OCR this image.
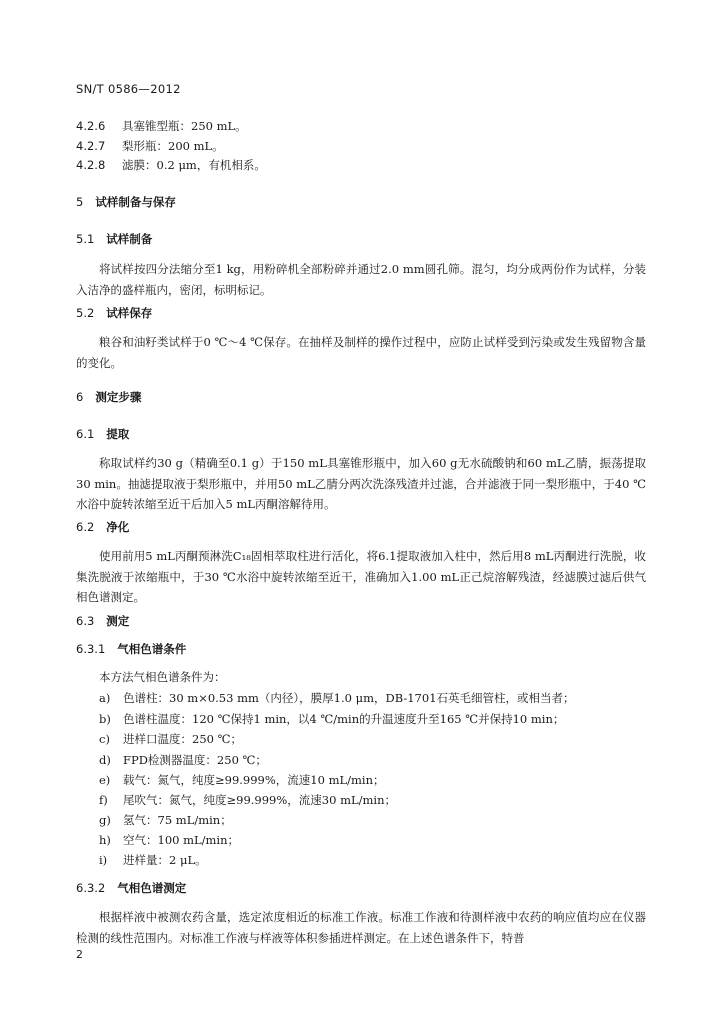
SN/T 0586—2012
4.2.6 具塞锥型瓶：250 mL。
4.2.7 梨形瓶：200 mL。
4.2.8 滤膜：0.2 μm，有机相系。
5 试样制备与保存
5.1 试样制备
将试样按四分法缩分至1 kg，用粉碎机全部粉碎并通过2.0 mm圆孔筛。混匀，均分成两份作为试样，分装入洁净的盛样瓶内，密闭，标明标记。
5.2 试样保存
粮谷和油籽类试样于0 ℃～4 ℃保存。在抽样及制样的操作过程中，应防止试样受到污染或发生残留物含量的变化。
6 测定步骤
6.1 提取
称取试样约30 g（精确至0.1 g）于150 mL具塞锥形瓶中，加入60 g无水硫酸钠和60 mL乙腈，振荡提取30 min。抽滤提取液于梨形瓶中，并用50 mL乙腈分两次洗涤残渣并过滤，合并滤液于同一梨形瓶中，于40 ℃水浴中旋转浓缩至近干后加入5 mL丙酮溶解待用。
6.2 净化
使用前用5 mL丙酮预淋洗C₁₈固相萃取柱进行活化，将6.1提取液加入柱中，然后用8 mL丙酮进行洗脱，收集洗脱液于浓缩瓶中，于30 ℃水浴中旋转浓缩至近干，准确加入1.00 mL正己烷溶解残渣，经滤膜过滤后供气相色谱测定。
6.3 测定
6.3.1 气相色谱条件
本方法气相色谱条件为：
a) 色谱柱：30 m×0.53 mm（内径），膜厚1.0 μm，DB-1701石英毛细管柱，或相当者；
b) 色谱柱温度：120 ℃保持1 min，以4 ℃/min的升温速度升至165 ℃并保持10 min；
c) 进样口温度：250 ℃；
d) FPD检测器温度：250 ℃；
e) 载气：氮气，纯度≥99.999%，流速10 mL/min；
f) 尾吹气：氮气，纯度≥99.999%，流速30 mL/min；
g) 氢气：75 mL/min；
h) 空气：100 mL/min；
i) 进样量：2 μL。
6.3.2 气相色谱测定
根据样液中被测农药含量，选定浓度相近的标准工作液。标准工作液和待测样液中农药的响应值均应在仪器检测的线性范围内。对标准工作液与样液等体积参插进样测定。在上述色谱条件下，特普
2
